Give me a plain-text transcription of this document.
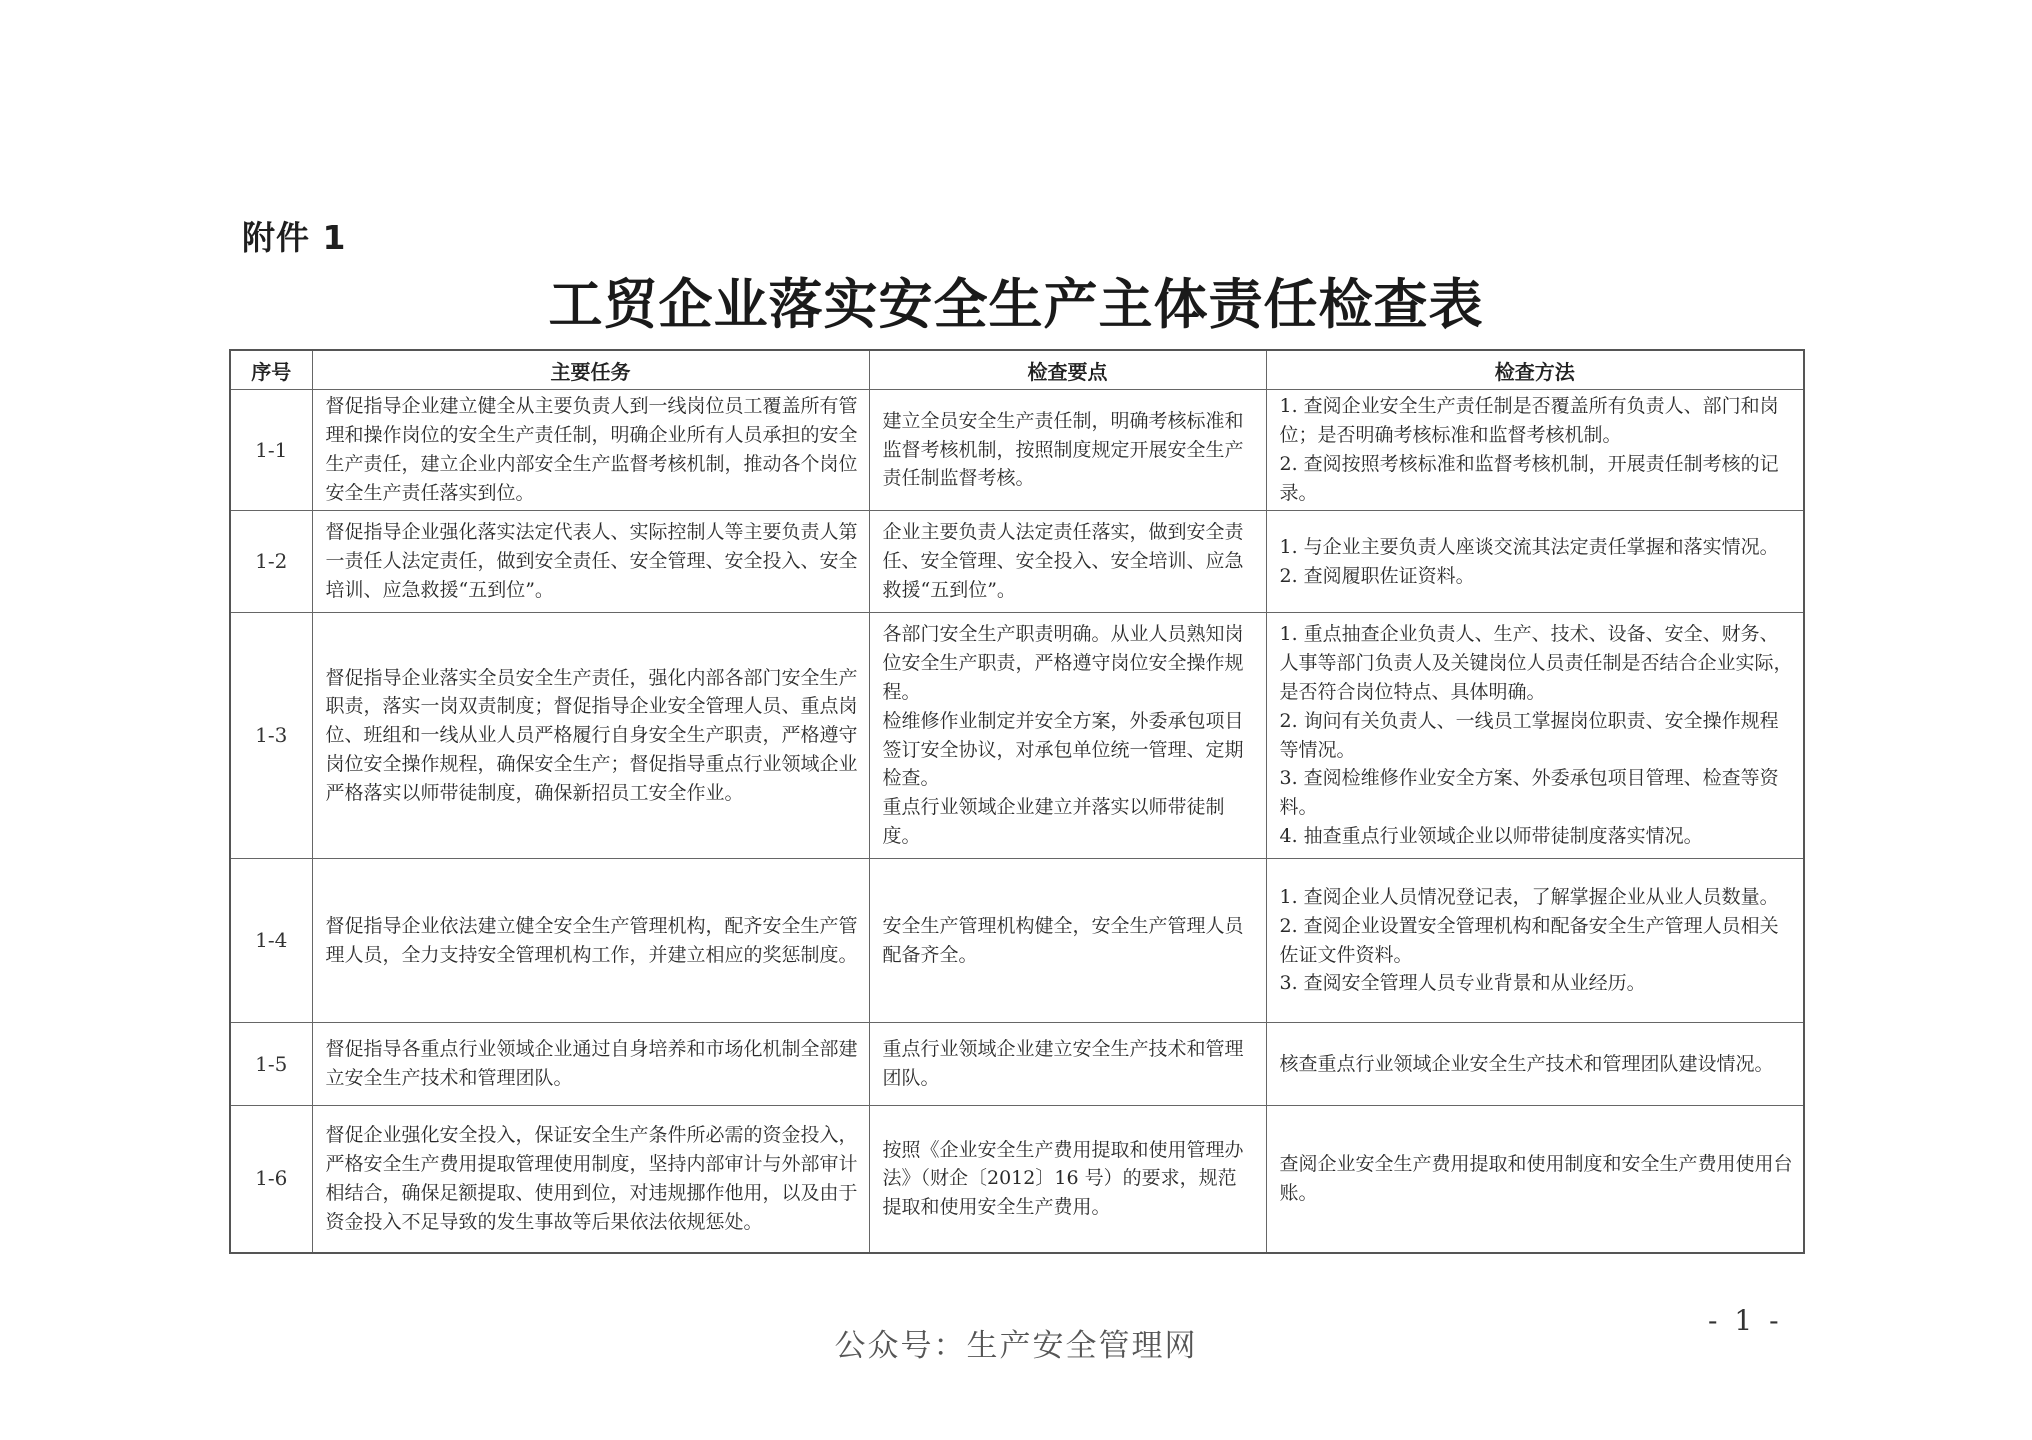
附件 1
工贸企业落实安全生产主体责任检查表
序号	主要任务	检查要点	检查方法
1-1	督促指导企业建立健全从主要负责人到一线岗位员工覆盖所有管理和操作岗位的安全生产责任制，明确企业所有人员承担的安全生产责任，建立企业内部安全生产监督考核机制，推动各个岗位安全生产责任落实到位。	建立全员安全生产责任制，明确考核标准和监督考核机制，按照制度规定开展安全生产责任制监督考核。	1. 查阅企业安全生产责任制是否覆盖所有负责人、部门和岗位；是否明确考核标准和监督考核机制。
2. 查阅按照考核标准和监督考核机制，开展责任制考核的记录。
1-2	督促指导企业强化落实法定代表人、实际控制人等主要负责人第一责任人法定责任，做到安全责任、安全管理、安全投入、安全培训、应急救援“五到位”。	企业主要负责人法定责任落实，做到安全责任、安全管理、安全投入、安全培训、应急救援“五到位”。	1. 与企业主要负责人座谈交流其法定责任掌握和落实情况。
2. 查阅履职佐证资料。
1-3	督促指导企业落实全员安全生产责任，强化内部各部门安全生产职责，落实一岗双责制度；督促指导企业安全管理人员、重点岗位、班组和一线从业人员严格履行自身安全生产职责，严格遵守岗位安全操作规程，确保安全生产；督促指导重点行业领域企业严格落实以师带徒制度，确保新招员工安全作业。	各部门安全生产职责明确。从业人员熟知岗位安全生产职责，严格遵守岗位安全操作规程。
检维修作业制定并安全方案，外委承包项目签订安全协议，对承包单位统一管理、定期检查。
重点行业领域企业建立并落实以师带徒制度。	1. 重点抽查企业负责人、生产、技术、设备、安全、财务、人事等部门负责人及关键岗位人员责任制是否结合企业实际，是否符合岗位特点、具体明确。
2. 询问有关负责人、一线员工掌握岗位职责、安全操作规程等情况。
3. 查阅检维修作业安全方案、外委承包项目管理、检查等资料。
4. 抽查重点行业领域企业以师带徒制度落实情况。
1-4	督促指导企业依法建立健全安全生产管理机构，配齐安全生产管理人员，全力支持安全管理机构工作，并建立相应的奖惩制度。	安全生产管理机构健全，安全生产管理人员配备齐全。	1. 查阅企业人员情况登记表，了解掌握企业从业人员数量。
2. 查阅企业设置安全管理机构和配备安全生产管理人员相关佐证文件资料。
3. 查阅安全管理人员专业背景和从业经历。
1-5	督促指导各重点行业领域企业通过自身培养和市场化机制全部建立安全生产技术和管理团队。	重点行业领域企业建立安全生产技术和管理团队。	核查重点行业领域企业安全生产技术和管理团队建设情况。
1-6	督促企业强化安全投入，保证安全生产条件所必需的资金投入，严格安全生产费用提取管理使用制度，坚持内部审计与外部审计相结合，确保足额提取、使用到位，对违规挪作他用，以及由于资金投入不足导致的发生事故等后果依法依规惩处。	按照《企业安全生产费用提取和使用管理办法》（财企〔2012〕16 号）的要求，规范提取和使用安全生产费用。	查阅企业安全生产费用提取和使用制度和安全生产费用使用台账。
- 1 -
公众号：生产安全管理网
